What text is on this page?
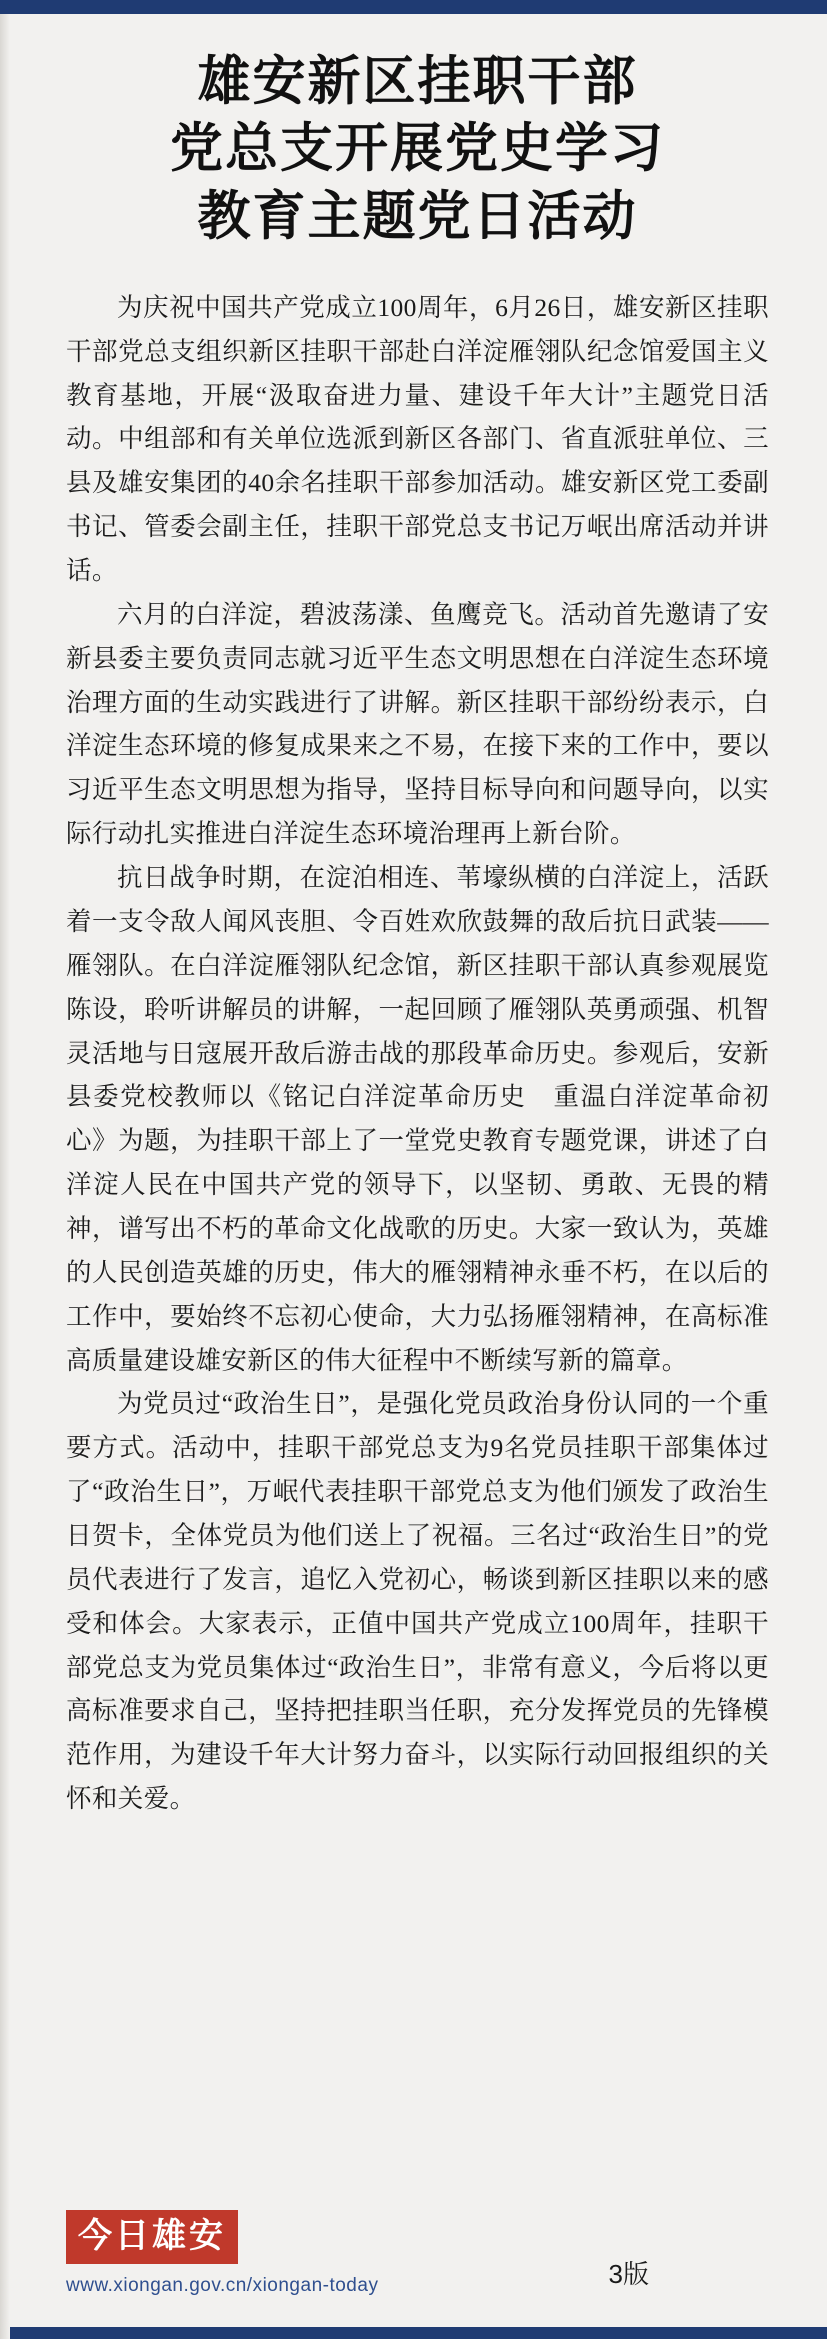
雄安新区挂职干部
党总支开展党史学习
教育主题党日活动

为庆祝中国共产党成立100周年，6月26日，雄安新区挂职干部党总支组织新区挂职干部赴白洋淀雁翎队纪念馆爱国主义教育基地，开展“汲取奋进力量、建设千年大计”主题党日活动。中组部和有关单位选派到新区各部门、省直派驻单位、三县及雄安集团的40余名挂职干部参加活动。雄安新区党工委副书记、管委会副主任，挂职干部党总支书记万岷出席活动并讲话。

六月的白洋淀，碧波荡漾、鱼鹰竞飞。活动首先邀请了安新县委主要负责同志就习近平生态文明思想在白洋淀生态环境治理方面的生动实践进行了讲解。新区挂职干部纷纷表示，白洋淀生态环境的修复成果来之不易，在接下来的工作中，要以习近平生态文明思想为指导，坚持目标导向和问题导向，以实际行动扎实推进白洋淀生态环境治理再上新台阶。

抗日战争时期，在淀泊相连、苇壕纵横的白洋淀上，活跃着一支令敌人闻风丧胆、令百姓欢欣鼓舞的敌后抗日武装——雁翎队。在白洋淀雁翎队纪念馆，新区挂职干部认真参观展览陈设，聆听讲解员的讲解，一起回顾了雁翎队英勇顽强、机智灵活地与日寇展开敌后游击战的那段革命历史。参观后，安新县委党校教师以《铭记白洋淀革命历史　重温白洋淀革命初心》为题，为挂职干部上了一堂党史教育专题党课，讲述了白洋淀人民在中国共产党的领导下，以坚韧、勇敢、无畏的精神，谱写出不朽的革命文化战歌的历史。大家一致认为，英雄的人民创造英雄的历史，伟大的雁翎精神永垂不朽，在以后的工作中，要始终不忘初心使命，大力弘扬雁翎精神，在高标准高质量建设雄安新区的伟大征程中不断续写新的篇章。

为党员过“政治生日”，是强化党员政治身份认同的一个重要方式。活动中，挂职干部党总支为9名党员挂职干部集体过了“政治生日”，万岷代表挂职干部党总支为他们颁发了政治生日贺卡，全体党员为他们送上了祝福。三名过“政治生日”的党员代表进行了发言，追忆入党初心，畅谈到新区挂职以来的感受和体会。大家表示，正值中国共产党成立100周年，挂职干部党总支为党员集体过“政治生日”，非常有意义，今后将以更高标准要求自己，坚持把挂职当任职，充分发挥党员的先锋模范作用，为建设千年大计努力奋斗，以实际行动回报组织的关怀和关爱。

今日雄安
www.xiongan.gov.cn/xiongan-today	3版
